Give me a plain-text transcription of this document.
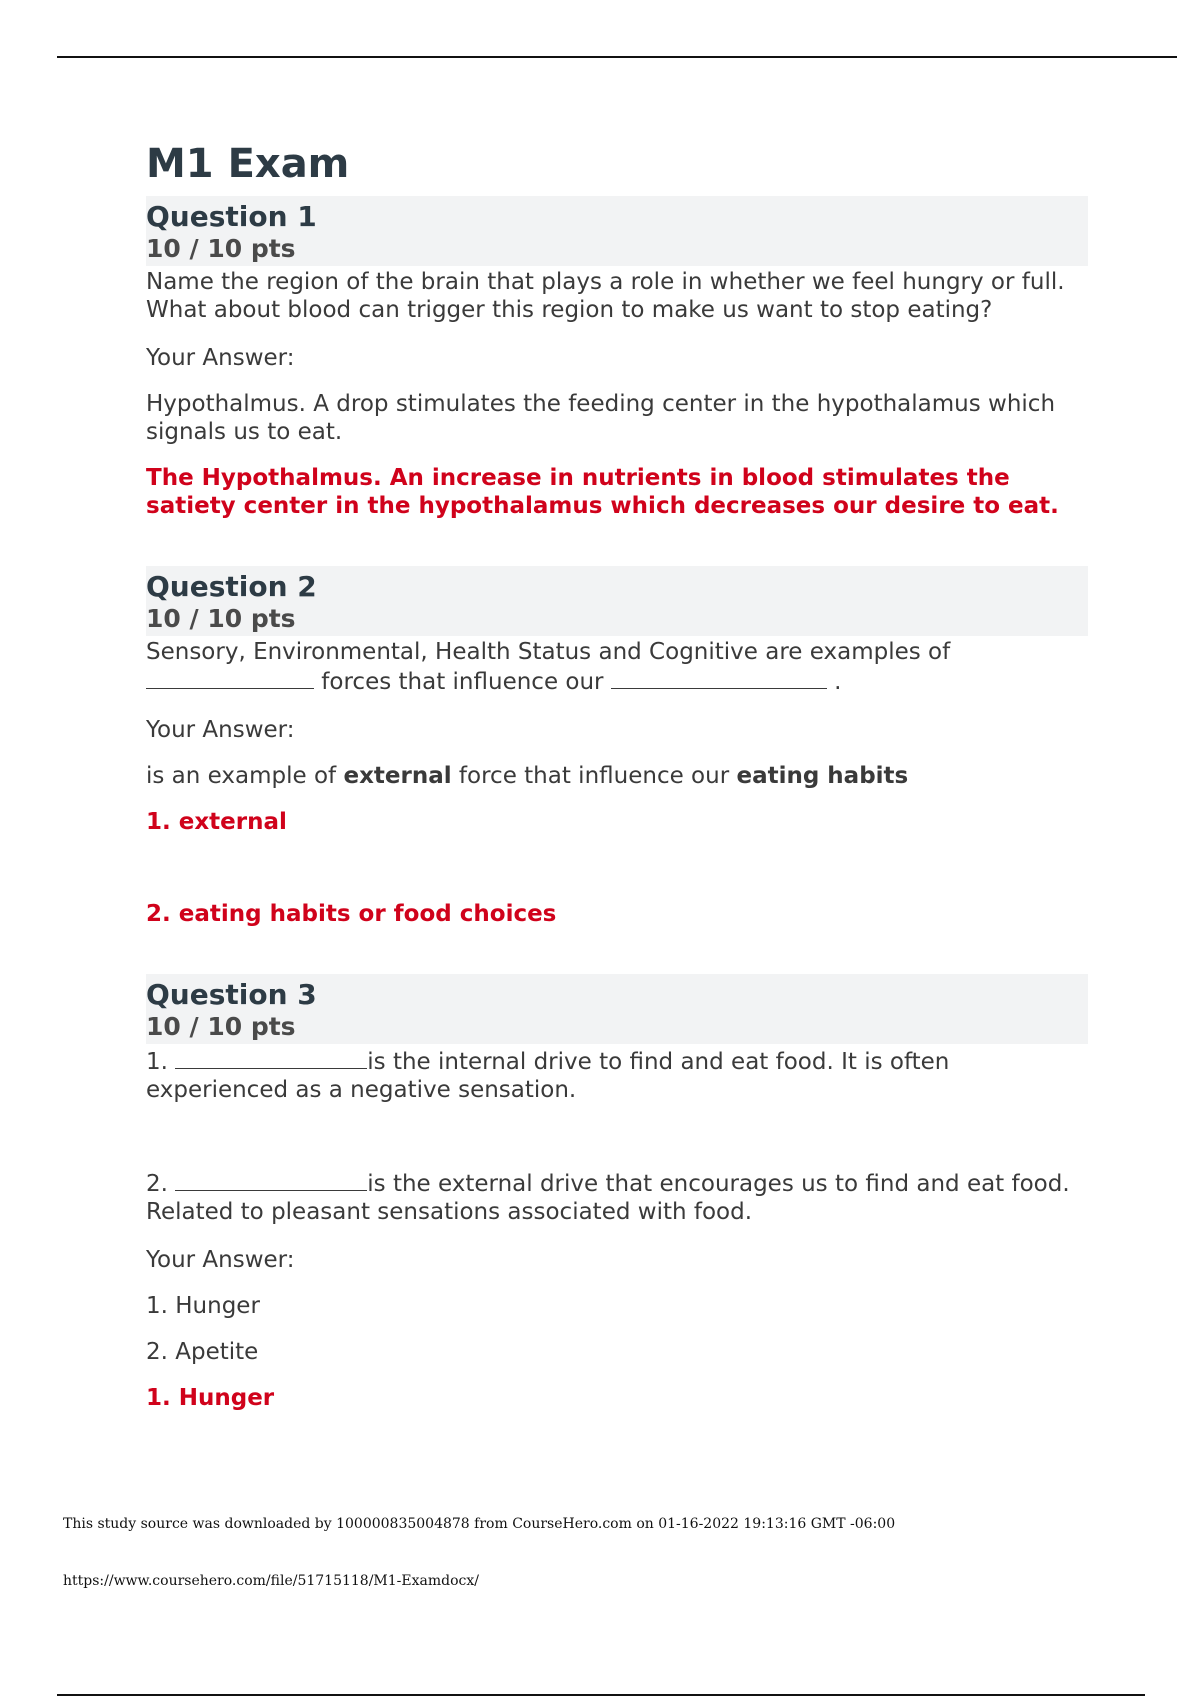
M1 Exam
Question 1
10 / 10 pts

Name the region of the brain that plays a role in whether we feel hungry or full. What about blood can trigger this region to make us want to stop eating?

Your Answer:

Hypothalmus. A drop stimulates the feeding center in the hypothalamus which signals us to eat.

The Hypothalmus. An increase in nutrients in blood stimulates the satiety center in the hypothalamus which decreases our desire to eat.

Question 2
10 / 10 pts

Sensory, Environmental, Health Status and Cognitive are examples of
forces that influence our	.

Your Answer:

is an example of external force that influence our eating habits

1. external

2. eating habits or food choices

Question 3
10 / 10 pts

1.	is the internal drive to find and eat food. It is often experienced as a negative sensation.

2.	is the external drive that encourages us to find and eat food. Related to pleasant sensations associated with food.

Your Answer:

1. Hunger

2. Apetite

1. Hunger

This study source was downloaded by 100000835004878 from CourseHero.com on 01-16-2022 19:13:16 GMT -06:00
https://www.coursehero.com/file/51715118/M1-Examdocx/
